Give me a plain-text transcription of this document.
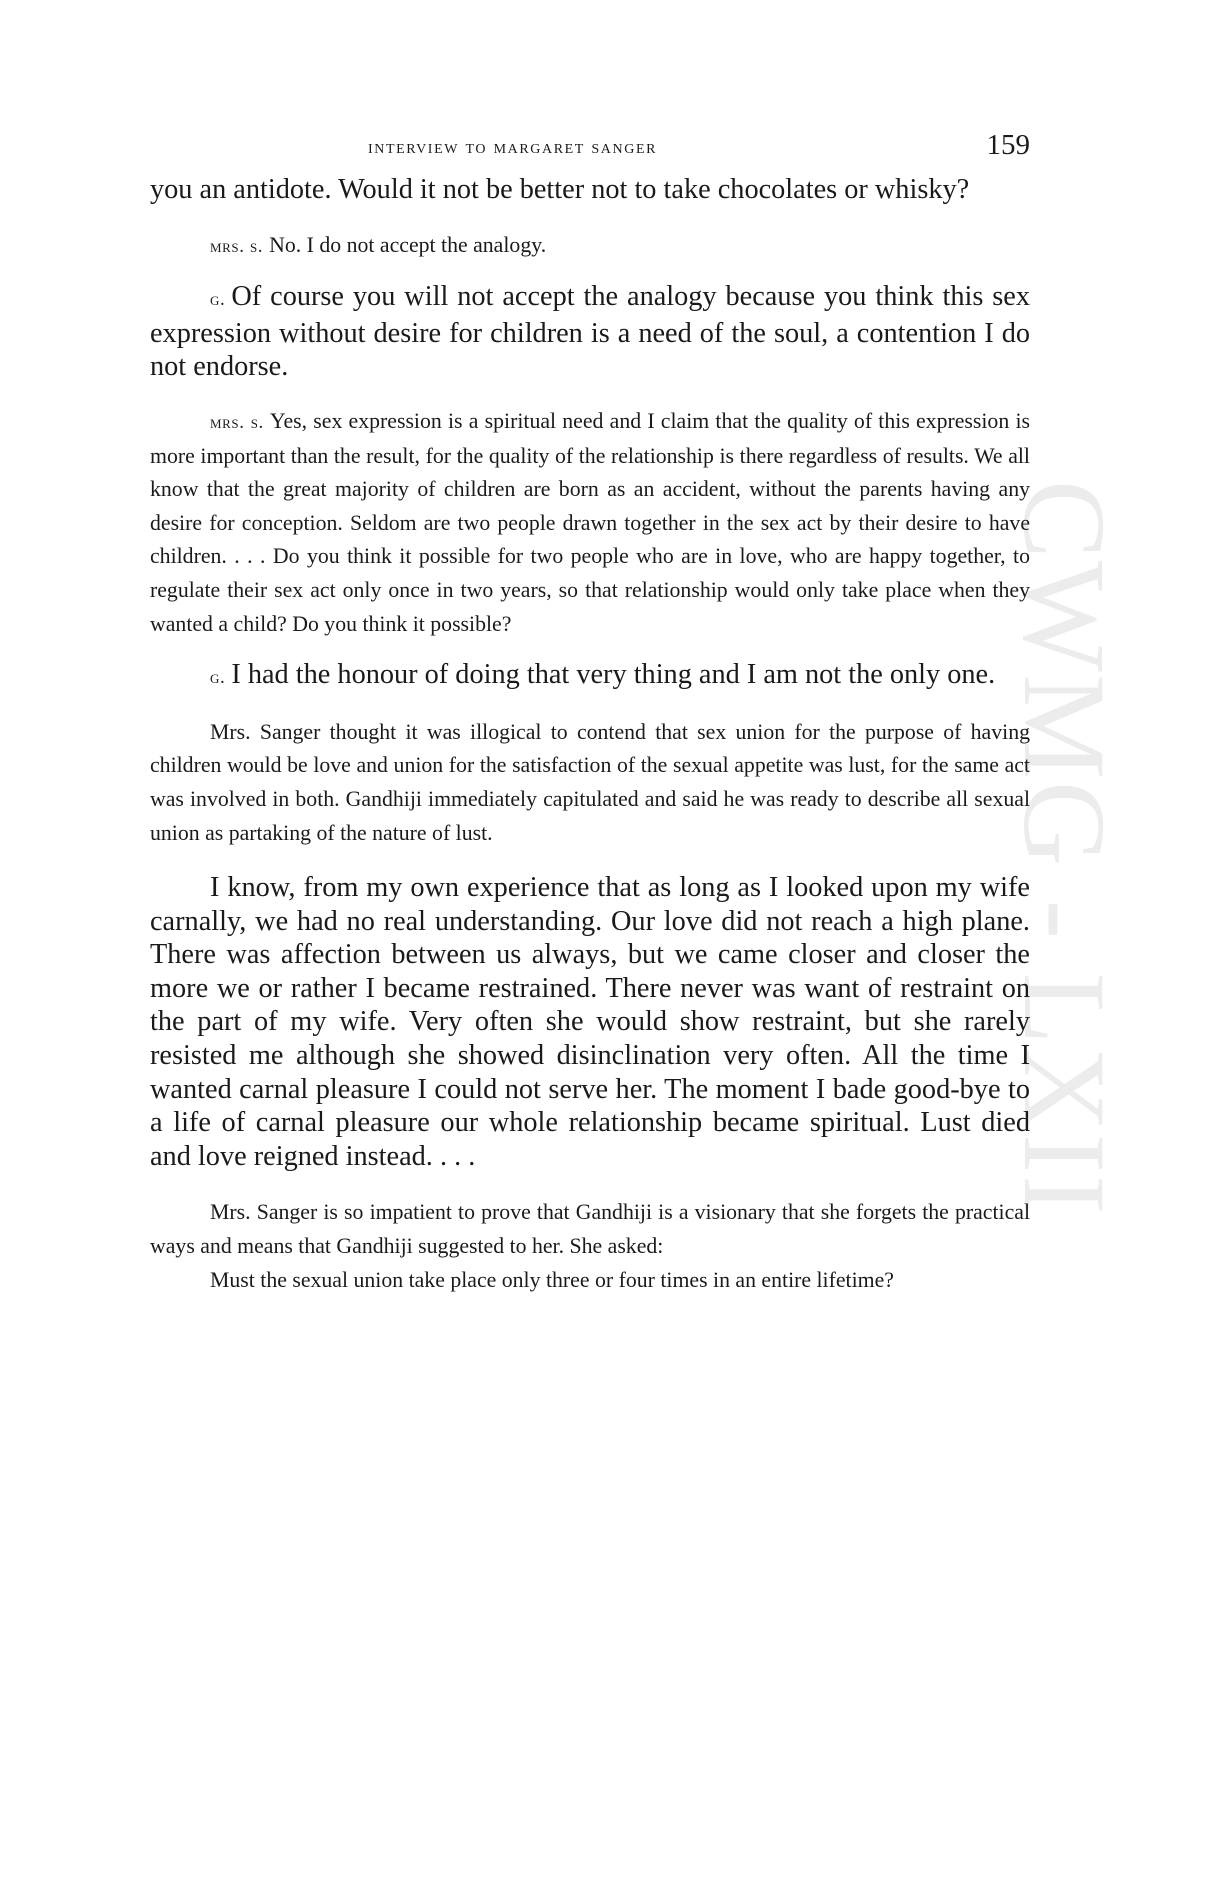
CWMG - LXII
interview to margaret sanger	159

you an antidote. Would it not be better not to take chocolates or whisky?

mrs. s. No. I do not accept the analogy.

g. Of course you will not accept the analogy because you think this sex expression without desire for children is a need of the soul, a contention I do not endorse.

mrs. s. Yes, sex expression is a spiritual need and I claim that the quality of this expression is more important than the result, for the quality of the relationship is there regardless of results. We all know that the great majority of children are born as an accident, without the parents having any desire for conception. Seldom are two people drawn together in the sex act by their desire to have children. . . . Do you think it possible for two people who are in love, who are happy together, to regulate their sex act only once in two years, so that relationship would only take place when they wanted a child? Do you think it possible?

g. I had the honour of doing that very thing and I am not the only one.

Mrs. Sanger thought it was illogical to contend that sex union for the purpose of having children would be love and union for the satisfaction of the sexual appetite was lust, for the same act was involved in both. Gandhiji immediately capitulated and said he was ready to describe all sexual union as partaking of the nature of lust.

I know, from my own experience that as long as I looked upon my wife carnally, we had no real understanding. Our love did not reach a high plane. There was affection between us always, but we came closer and closer the more we or rather I became restrained. There never was want of restraint on the part of my wife. Very often she would show restraint, but she rarely resisted me although she showed disinclination very often. All the time I wanted carnal pleasure I could not serve her. The moment I bade good-bye to a life of carnal pleasure our whole relationship became spiritual. Lust died and love reigned instead. . . .

Mrs. Sanger is so impatient to prove that Gandhiji is a visionary that she forgets the practical ways and means that Gandhiji suggested to her. She asked:

Must the sexual union take place only three or four times in an entire lifetime?
